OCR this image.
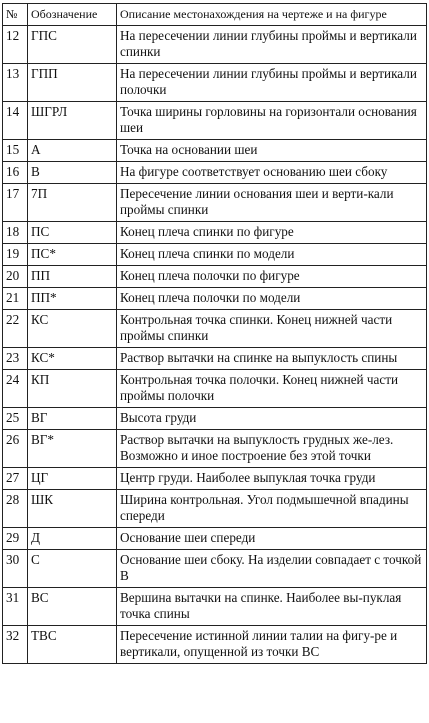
№	Обозначение	Описание местонахождения на чертеже и на фигуре
12	ГПС	На пересечении линии глубины проймы и вертикали спинки
13	ГПП	На пересечении линии глубины проймы и вертикали полочки
14	ШГРЛ	Точка ширины горловины на горизонтали основания шеи
15	А	Точка на основании шеи
16	В	На фигуре соответствует основанию шеи сбоку
17	7П	Пересечение линии основания шеи и верти-кали проймы спинки
18	ПС	Конец плеча спинки по фигуре
19	ПС*	Конец плеча спинки по модели
20	ПП	Конец плеча полочки по фигуре
21	ПП*	Конец плеча полочки по модели
22	КС	Контрольная точка спинки. Конец нижней части проймы спинки
23	КС*	Раствор вытачки на спинке на выпуклость спины
24	КП	Контрольная точка полочки. Конец нижней части проймы полочки
25	ВГ	Высота груди
26	ВГ*	Раствор вытачки на выпуклость грудных же-лез. Возможно и иное построение без этой точки
27	ЦГ	Центр груди. Наиболее выпуклая точка груди
28	ШК	Ширина контрольная. Угол подмышечной впадины спереди
29	Д	Основание шеи спереди
30	С	Основание шеи сбоку. На изделии совпадает с точкой В
31	ВС	Вершина вытачки на спинке. Наиболее вы-пуклая точка спины
32	ТВС	Пересечение истинной линии талии на фигу-ре и вертикали, опущенной из точки ВС
